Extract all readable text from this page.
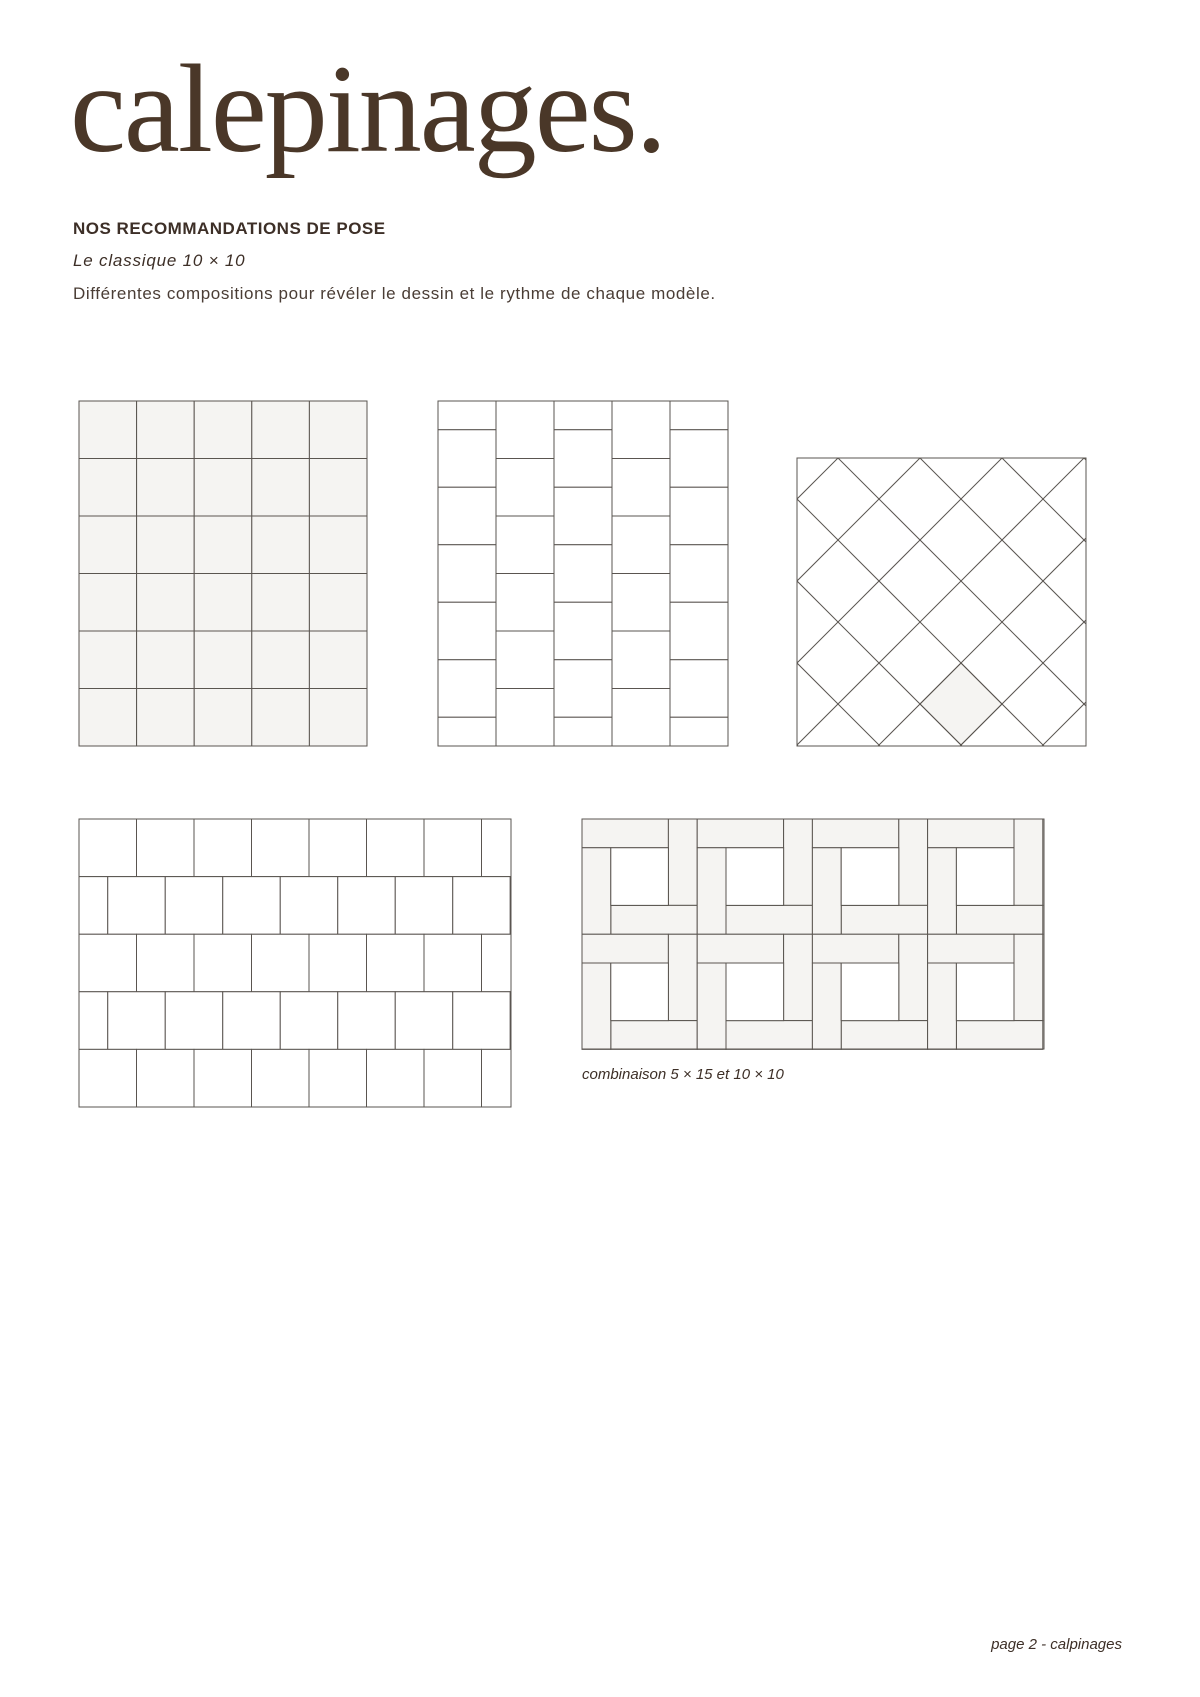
calepinages.

NOS RECOMMANDATIONS DE POSE

Le classique 10 × 10

Différentes compositions pour révéler le dessin et le rythme de chaque modèle.

combinaison 5 × 15 et 10 × 10

page 2 - calpinages
